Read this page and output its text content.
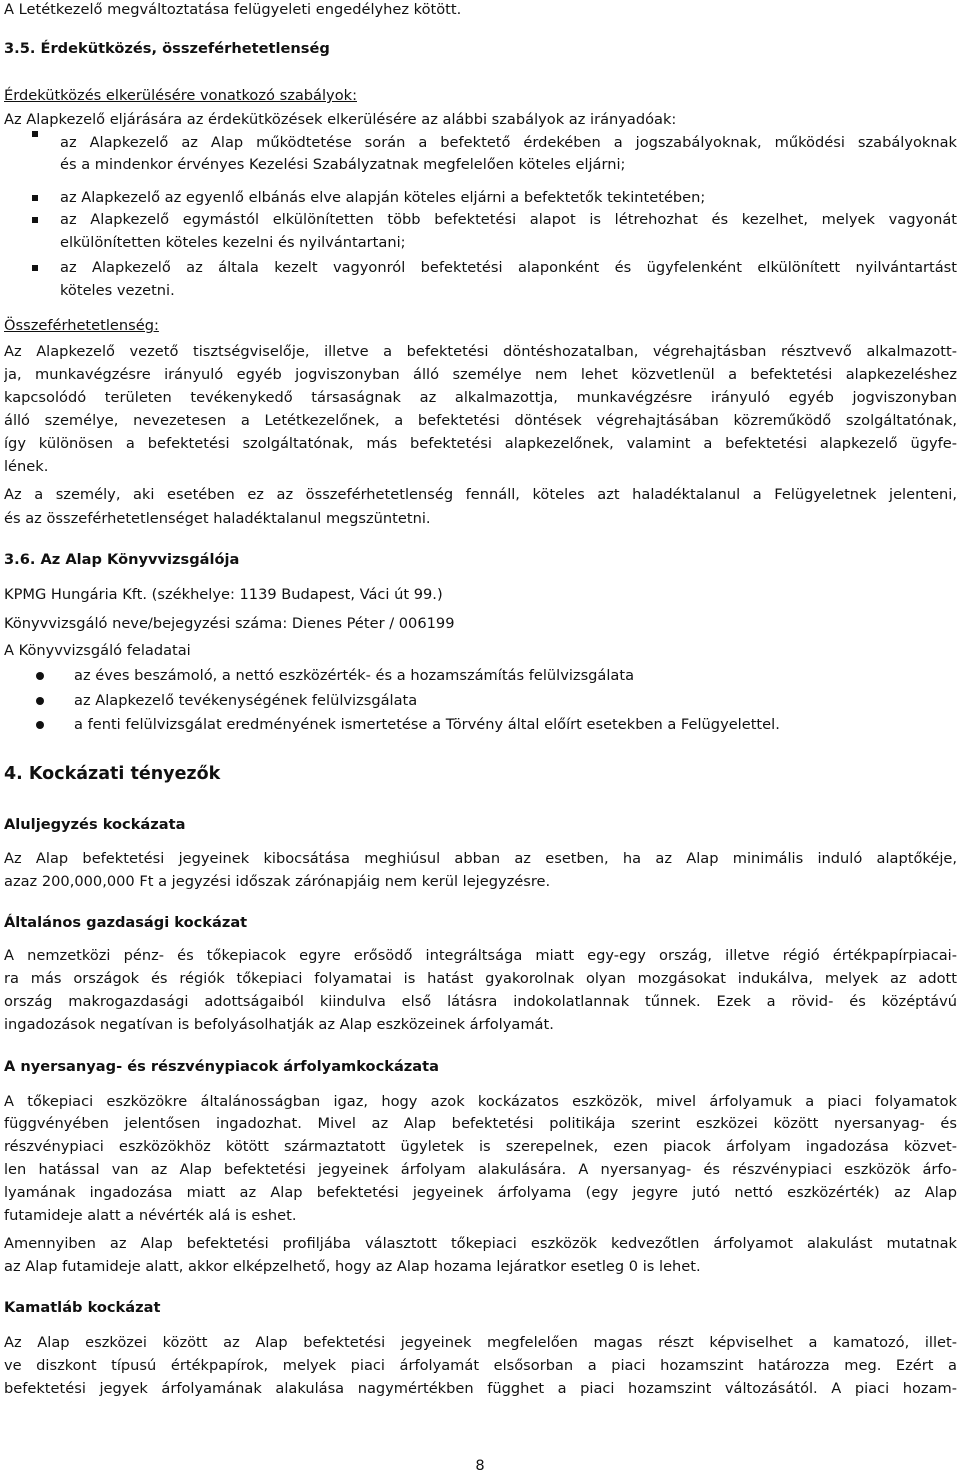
A Letétkezelő megváltoztatása felügyeleti engedélyhez kötött.
3.5. Érdekütközés, összeférhetetlenség
Érdekütközés elkerülésére vonatkozó szabályok:
Az Alapkezelő eljárására az érdekütközések elkerülésére az alábbi szabályok az irányadóak:
az Alapkezelő az Alap működtetése során a befektető érdekében a jogszabályoknak, működési szabályoknak
és a mindenkor érvényes Kezelési Szabályzatnak megfelelően köteles eljárni;
az Alapkezelő az egyenlő elbánás elve alapján köteles eljárni a befektetők tekintetében;
az Alapkezelő egymástól elkülönítetten több befektetési alapot is létrehozhat és kezelhet, melyek vagyonát
elkülönítetten köteles kezelni és nyilvántartani;
az Alapkezelő az általa kezelt vagyonról befektetési alaponként és ügyfelenként elkülönített nyilvántartást
köteles vezetni.
Összeférhetetlenség:
Az Alapkezelő vezető tisztségviselője, illetve a befektetési döntéshozatalban, végrehajtásban résztvevő alkalmazott-
ja, munkavégzésre irányuló egyéb jogviszonyban álló személye nem lehet közvetlenül a befektetési alapkezeléshez
kapcsolódó területen tevékenykedő társaságnak az alkalmazottja, munkavégzésre irányuló egyéb jogviszonyban
álló személye, nevezetesen a Letétkezelőnek, a befektetési döntések végrehajtásában közreműködő szolgáltatónak,
így különösen a befektetési szolgáltatónak, más befektetési alapkezelőnek, valamint a befektetési alapkezelő ügyfe-
lének.
Az a személy, aki esetében ez az összeférhetetlenség fennáll, köteles azt haladéktalanul a Felügyeletnek jelenteni,
és az összeférhetetlenséget haladéktalanul megszüntetni.
3.6. Az Alap Könyvvizsgálója
KPMG Hungária Kft. (székhelye: 1139 Budapest, Váci út 99.)
Könyvvizsgáló neve/bejegyzési száma: Dienes Péter / 006199
A Könyvvizsgáló feladatai
az éves beszámoló, a nettó eszközérték- és a hozamszámítás felülvizsgálata
az Alapkezelő tevékenységének felülvizsgálata
a fenti felülvizsgálat eredményének ismertetése a Törvény által előírt esetekben a Felügyelettel.
4. Kockázati tényezők
Aluljegyzés kockázata
Az Alap befektetési jegyeinek kibocsátása meghiúsul abban az esetben, ha az Alap minimális induló alaptőkéje,
azaz 200,000,000 Ft a jegyzési időszak zárónapjáig nem kerül lejegyzésre.
Általános gazdasági kockázat
A nemzetközi pénz- és tőkepiacok egyre erősödő integráltsága miatt egy-egy ország, illetve régió értékpapírpiacai-
ra más országok és régiók tőkepiaci folyamatai is hatást gyakorolnak olyan mozgásokat indukálva, melyek az adott
ország makrogazdasági adottságaiból kiindulva első látásra indokolatlannak tűnnek. Ezek a rövid- és középtávú
ingadozások negatívan is befolyásolhatják az Alap eszközeinek árfolyamát.
A nyersanyag- és részvénypiacok árfolyamkockázata
A tőkepiaci eszközökre általánosságban igaz, hogy azok kockázatos eszközök, mivel árfolyamuk a piaci folyamatok
függvényében jelentősen ingadozhat. Mivel az Alap befektetési politikája szerint eszközei között nyersanyag- és
részvénypiaci eszközökhöz kötött származtatott ügyletek is szerepelnek, ezen piacok árfolyam ingadozása közvet-
len hatással van az Alap befektetési jegyeinek árfolyam alakulására. A nyersanyag- és részvénypiaci eszközök árfo-
lyamának ingadozása miatt az Alap befektetési jegyeinek árfolyama (egy jegyre jutó nettó eszközérték) az Alap
futamideje alatt a névérték alá is eshet.
Amennyiben az Alap befektetési profiljába választott tőkepiaci eszközök kedvezőtlen árfolyamot alakulást mutatnak
az Alap futamideje alatt, akkor elképzelhető, hogy az Alap hozama lejáratkor esetleg 0 is lehet.
Kamatláb kockázat
Az Alap eszközei között az Alap befektetési jegyeinek megfelelően magas részt képviselhet a kamatozó, illet-
ve diszkont típusú értékpapírok, melyek piaci árfolyamát elsősorban a piaci hozamszint határozza meg. Ezért a
befektetési jegyek árfolyamának alakulása nagymértékben függhet a piaci hozamszint változásától. A piaci hozam-
8
